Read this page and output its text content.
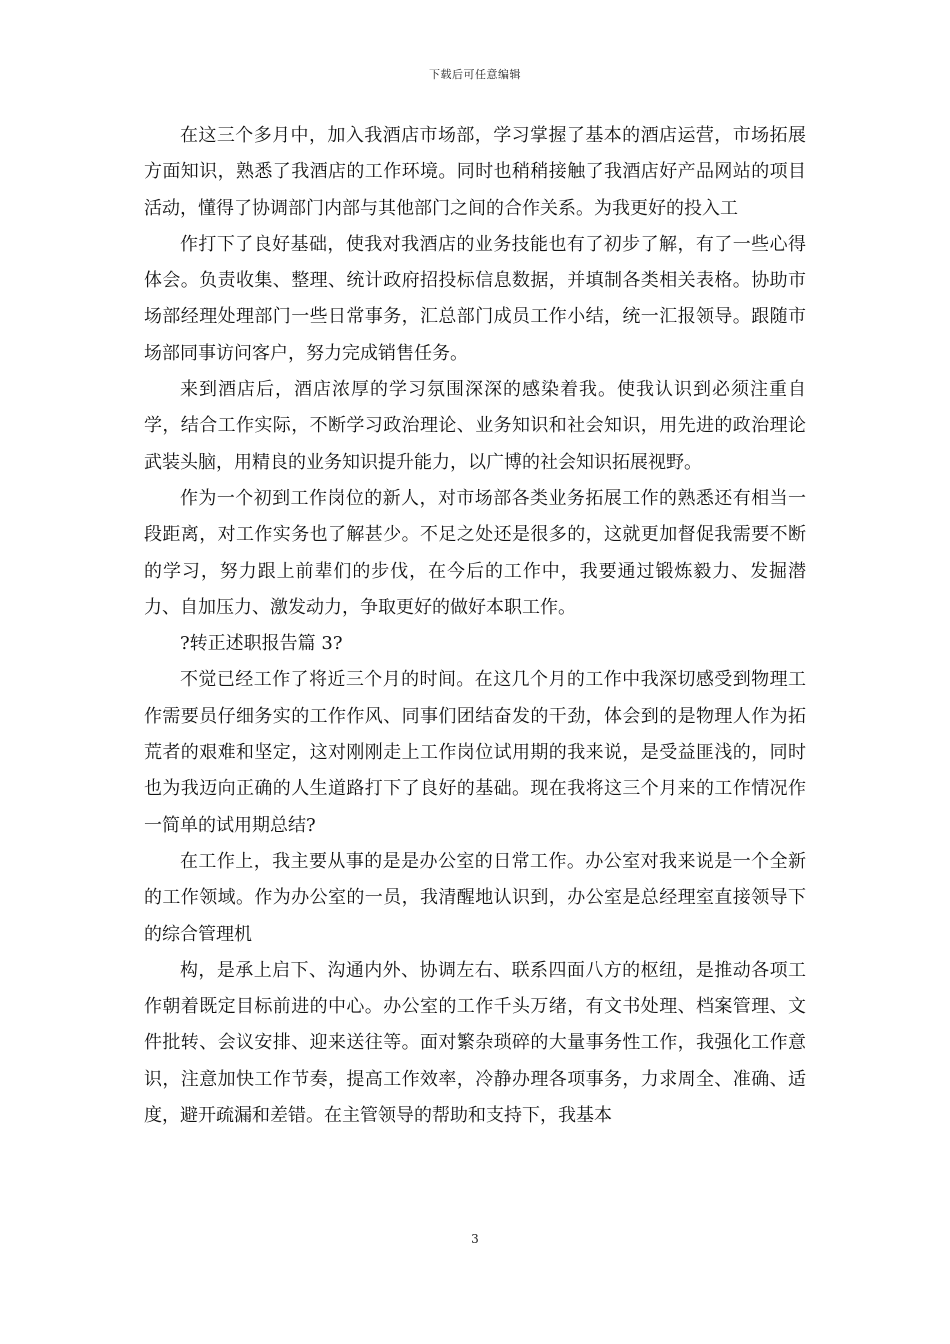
下载后可任意编辑

在这三个多月中，加入我酒店市场部，学习掌握了基本的酒店运营，市场拓展方面知识，熟悉了我酒店的工作环境。同时也稍稍接触了我酒店好产品网站的项目活动，懂得了协调部门内部与其他部门之间的合作关系。为我更好的投入工

作打下了良好基础，使我对我酒店的业务技能也有了初步了解，有了一些心得体会。负责收集、整理、统计政府招投标信息数据，并填制各类相关表格。协助市场部经理处理部门一些日常事务，汇总部门成员工作小结，统一汇报领导。跟随市场部同事访问客户，努力完成销售任务。

来到酒店后，酒店浓厚的学习氛围深深的感染着我。使我认识到必须注重自学，结合工作实际，不断学习政治理论、业务知识和社会知识，用先进的政治理论武装头脑，用精良的业务知识提升能力，以广博的社会知识拓展视野。

作为一个初到工作岗位的新人，对市场部各类业务拓展工作的熟悉还有相当一段距离，对工作实务也了解甚少。不足之处还是很多的，这就更加督促我需要不断的学习，努力跟上前辈们的步伐，在今后的工作中，我要通过锻炼毅力、发掘潜力、自加压力、激发动力，争取更好的做好本职工作。

?转正述职报告篇 3?

不觉已经工作了将近三个月的时间。在这几个月的工作中我深切感受到物理工作需要员仔细务实的工作作风、同事们团结奋发的干劲，体会到的是物理人作为拓荒者的艰难和坚定，这对刚刚走上工作岗位试用期的我来说，是受益匪浅的，同时也为我迈向正确的人生道路打下了良好的基础。现在我将这三个月来的工作情况作一简单的试用期总结?

在工作上，我主要从事的是是办公室的日常工作。办公室对我来说是一个全新的工作领域。作为办公室的一员，我清醒地认识到，办公室是总经理室直接领导下的综合管理机

构，是承上启下、沟通内外、协调左右、联系四面八方的枢纽，是推动各项工作朝着既定目标前进的中心。办公室的工作千头万绪，有文书处理、档案管理、文件批转、会议安排、迎来送往等。面对繁杂琐碎的大量事务性工作，我强化工作意识，注意加快工作节奏，提高工作效率，冷静办理各项事务，力求周全、准确、适度，避开疏漏和差错。在主管领导的帮助和支持下，我基本

3
